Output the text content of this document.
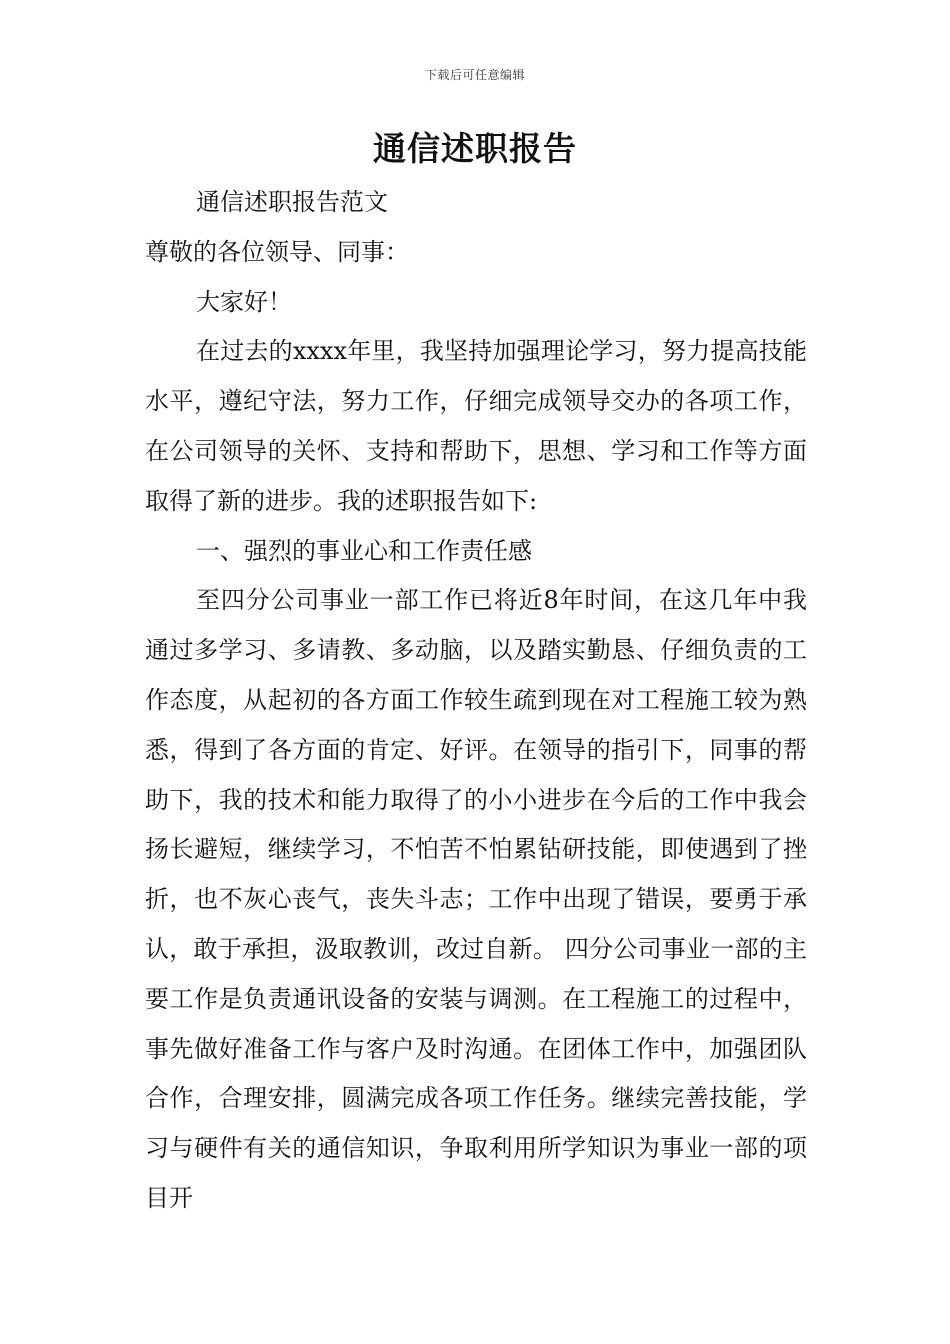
下载后可任意编辑
通信述职报告

通信述职报告范文

尊敬的各位领导、同事：

大家好！

在过去的xxxx年里，我坚持加强理论学习，努力提高技能水平，遵纪守法，努力工作，仔细完成领导交办的各项工作，在公司领导的关怀、支持和帮助下，思想、学习和工作等方面取得了新的进步。我的述职报告如下:

一、强烈的事业心和工作责任感

至四分公司事业一部工作已将近8年时间，在这几年中我通过多学习、多请教、多动脑，以及踏实勤恳、仔细负责的工作态度，从起初的各方面工作较生疏到现在对工程施工较为熟悉，得到了各方面的肯定、好评。在领导的指引下，同事的帮助下，我的技术和能力取得了的小小进步在今后的工作中我会扬长避短，继续学习，不怕苦不怕累钻研技能，即使遇到了挫折，也不灰心丧气，丧失斗志；工作中出现了错误，要勇于承认，敢于承担，汲取教训，改过自新。 四分公司事业一部的主要工作是负责通讯设备的安装与调测。在工程施工的过程中，事先做好准备工作与客户及时沟通。在团体工作中，加强团队合作，合理安排，圆满完成各项工作任务。继续完善技能，学习与硬件有关的通信知识，争取利用所学知识为事业一部的项目开
